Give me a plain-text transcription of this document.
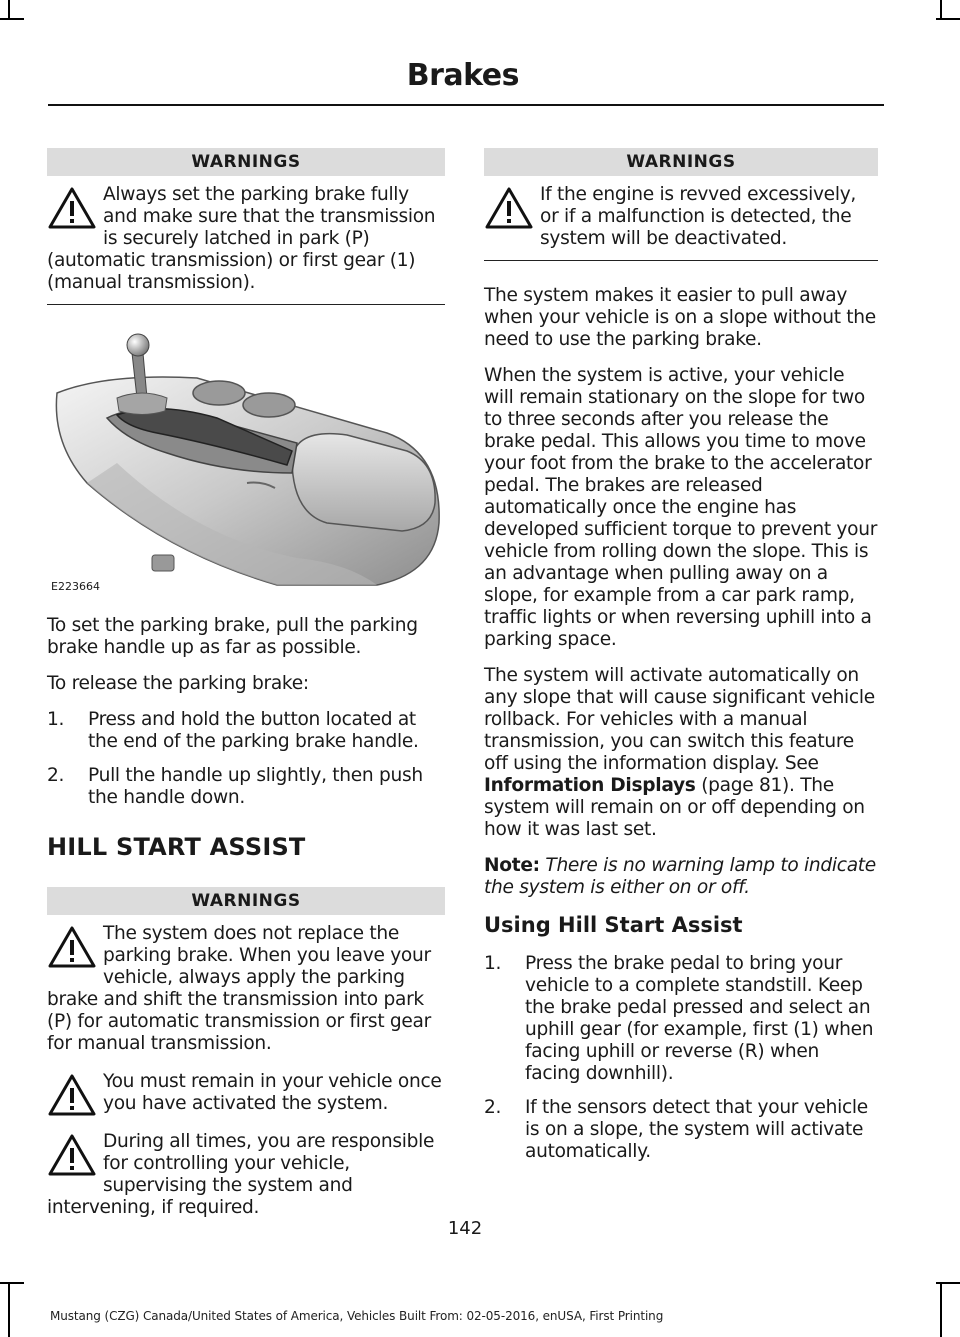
Brakes
WARNINGS
Always set the parking brake fully and make sure that the transmission is securely latched in park (P) (automatic transmission) or first gear (1) (manual transmission).
E223664

To set the parking brake, pull the parking brake handle up as far as possible.

To release the parking brake:

1. Press and hold the button located at the end of the parking brake handle.
2. Pull the handle up slightly, then push the handle down.
HILL START ASSIST
WARNINGS
The system does not replace the parking brake. When you leave your vehicle, always apply the parking brake and shift the transmission into park (P) for automatic transmission or first gear for manual transmission.
You must remain in your vehicle once you have activated the system.
During all times, you are responsible for controlling your vehicle, supervising the system and intervening, if required.
WARNINGS
If the engine is revved excessively, or if a malfunction is detected, the system will be deactivated.

The system makes it easier to pull away when your vehicle is on a slope without the need to use the parking brake.

When the system is active, your vehicle will remain stationary on the slope for two to three seconds after you release the brake pedal. This allows you time to move your foot from the brake to the accelerator pedal. The brakes are released automatically once the engine has developed sufficient torque to prevent your vehicle from rolling down the slope. This is an advantage when pulling away on a slope, for example from a car park ramp, traffic lights or when reversing uphill into a parking space.

The system will activate automatically on any slope that will cause significant vehicle rollback. For vehicles with a manual transmission, you can switch this feature off using the information display. See Information Displays (page 81). The system will remain on or off depending on how it was last set.

Note: There is no warning lamp to indicate the system is either on or off.

Using Hill Start Assist
1. Press the brake pedal to bring your vehicle to a complete standstill. Keep the brake pedal pressed and select an uphill gear (for example, first (1) when facing uphill or reverse (R) when facing downhill).
2. If the sensors detect that your vehicle is on a slope, the system will activate automatically.
142
Mustang (CZG) Canada/United States of America, Vehicles Built From: 02-05-2016, enUSA, First Printing
